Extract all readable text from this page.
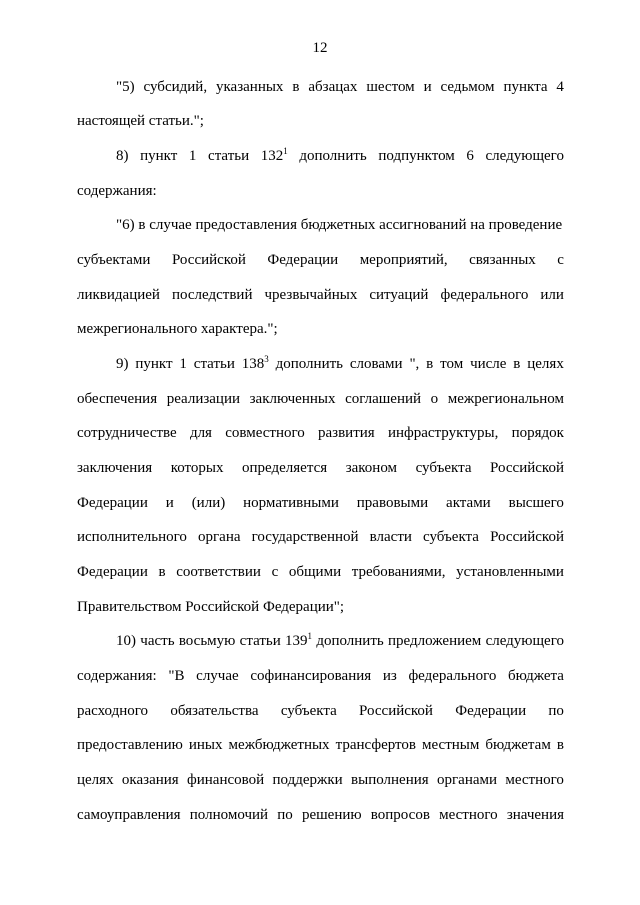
12
"5) субсидий, указанных в абзацах шестом и седьмом пункта 4
настоящей статьи.";
8) пункт 1 статьи $132^1$ дополнить подпунктом 6 следующего
содержания:
"6) в случае предоставления бюджетных ассигнований на проведение
субъектами Российской Федерации мероприятий, связанных с
ликвидацией последствий чрезвычайных ситуаций федерального или
межрегионального характера.";
9) пункт 1 статьи $138^3$ дополнить словами ", в том числе в целях
обеспечения реализации заключенных соглашений о межрегиональном
сотрудничестве для совместного развития инфраструктуры, порядок
заключения которых определяется законом субъекта Российской
Федерации и (или) нормативными правовыми актами высшего
исполнительного органа государственной власти субъекта Российской
Федерации в соответствии с общими требованиями, установленными
Правительством Российской Федерации";
10) часть восьмую статьи $139^1$ дополнить предложением следующего
содержания: "В случае софинансирования из федерального бюджета
расходного обязательства субъекта Российской Федерации по
предоставлению иных межбюджетных трансфертов местным бюджетам в
целях оказания финансовой поддержки выполнения органами местного
самоуправления полномочий по решению вопросов местного значения
